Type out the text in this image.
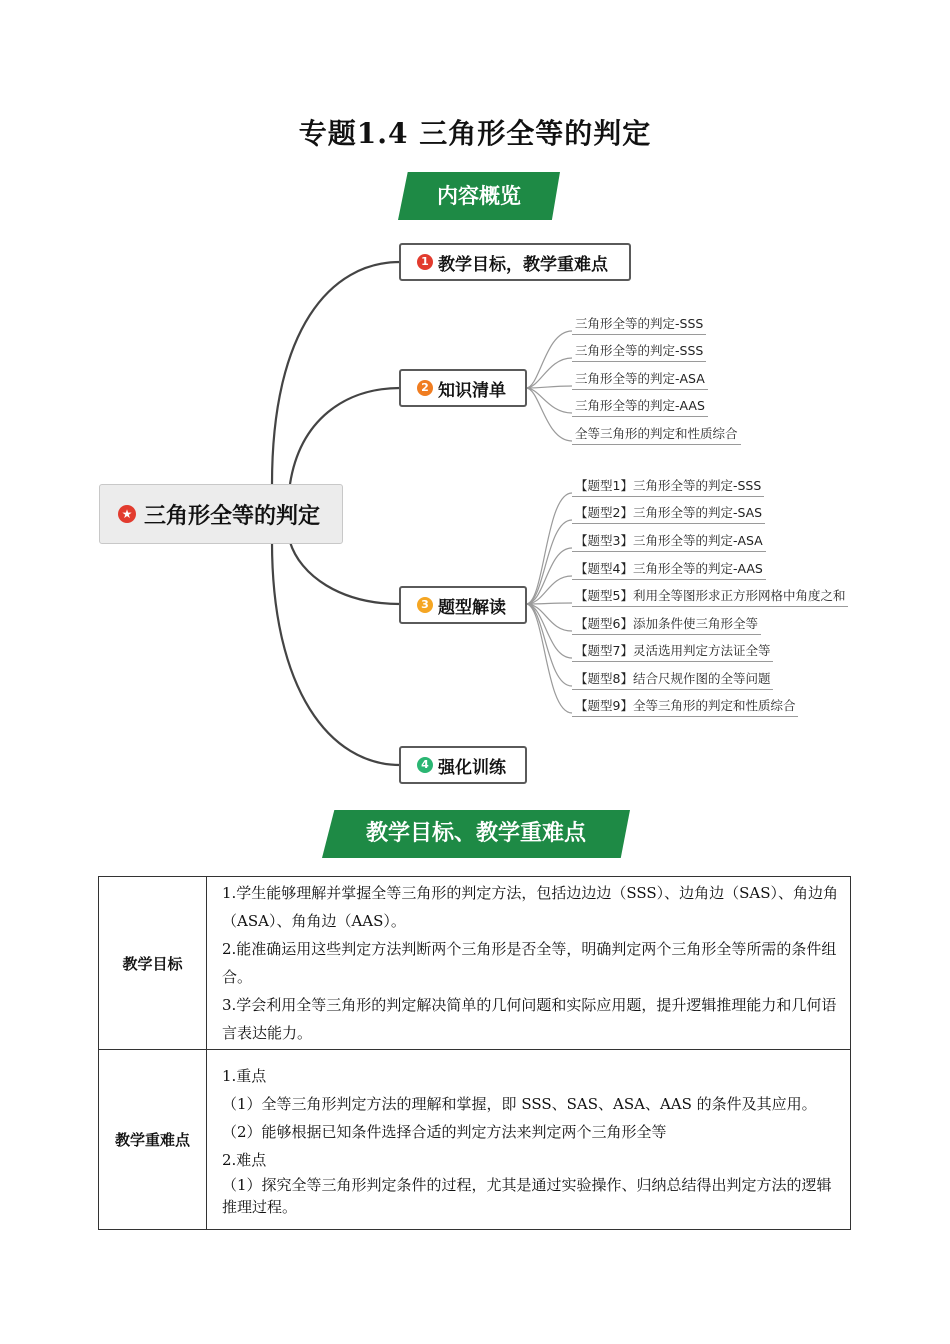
专题1.4 三角形全等的判定
内容概览
★ 三角形全等的判定
1 教学目标，教学重难点
2 知识清单
3 题型解读
4 强化训练
三角形全等的判定-SSS
三角形全等的判定-SSS
三角形全等的判定-ASA
三角形全等的判定-AAS
全等三角形的判定和性质综合
【题型1】三角形全等的判定-SSS
【题型2】三角形全等的判定-SAS
【题型3】三角形全等的判定-ASA
【题型4】三角形全等的判定-AAS
【题型5】利用全等图形求正方形网格中角度之和
【题型6】添加条件使三角形全等
【题型7】灵活选用判定方法证全等
【题型8】结合尺规作图的全等问题
【题型9】全等三角形的判定和性质综合
教学目标、教学重难点
教学目标	1.学生能够理解并掌握全等三角形的判定方法，包括边边边（SSS）、边角边（SAS）、角边角（ASA）、角角边（AAS）。

2.能准确运用这些判定方法判断两个三角形是否全等，明确判定两个三角形全等所需的条件组合。

3.学会利用全等三角形的判定解决简单的几何问题和实际应用题，提升逻辑推理能力和几何语言表达能力。

教学重难点	1.重点

（1）全等三角形判定方法的理解和掌握，即 SSS、SAS、ASA、AAS 的条件及其应用。

（2）能够根据已知条件选择合适的判定方法来判定两个三角形全等

2.难点

（1）探究全等三角形判定条件的过程，尤其是通过实验操作、归纳总结得出判定方法的逻辑推理过程。
